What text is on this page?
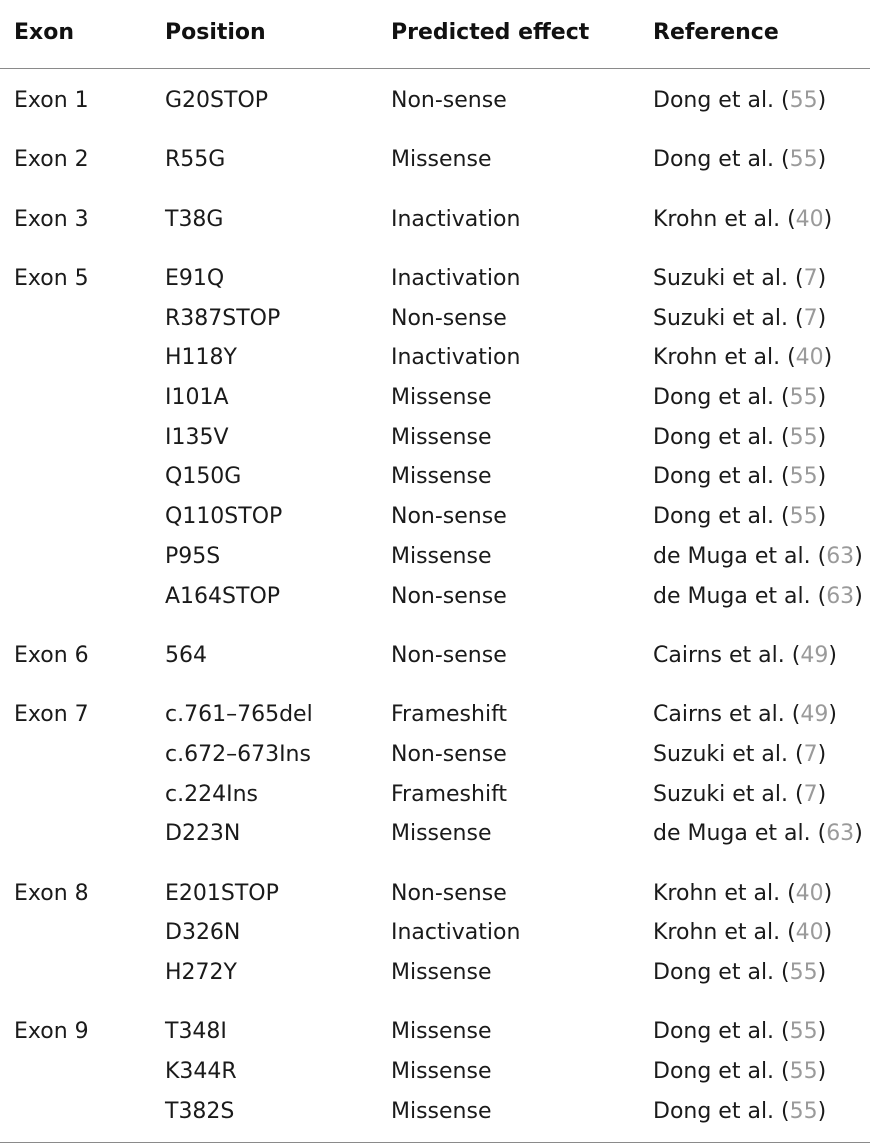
Exon	Position	Predicted effect	Reference
Exon 1	G20STOP	Non-sense	Dong et al. (55)
Exon 2	R55G	Missense	Dong et al. (55)
Exon 3	T38G	Inactivation	Krohn et al. (40)
Exon 5	E91Q	Inactivation	Suzuki et al. (7)
R387STOP	Non-sense	Suzuki et al. (7)
H118Y	Inactivation	Krohn et al. (40)
I101A	Missense	Dong et al. (55)
I135V	Missense	Dong et al. (55)
Q150G	Missense	Dong et al. (55)
Q110STOP	Non-sense	Dong et al. (55)
P95S	Missense	de Muga et al. (63)
A164STOP	Non-sense	de Muga et al. (63)
Exon 6	564	Non-sense	Cairns et al. (49)
Exon 7	c.761–765del	Frameshift	Cairns et al. (49)
c.672–673Ins	Non-sense	Suzuki et al. (7)
c.224Ins	Frameshift	Suzuki et al. (7)
D223N	Missense	de Muga et al. (63)
Exon 8	E201STOP	Non-sense	Krohn et al. (40)
D326N	Inactivation	Krohn et al. (40)
H272Y	Missense	Dong et al. (55)
Exon 9	T348I	Missense	Dong et al. (55)
K344R	Missense	Dong et al. (55)
T382S	Missense	Dong et al. (55)
